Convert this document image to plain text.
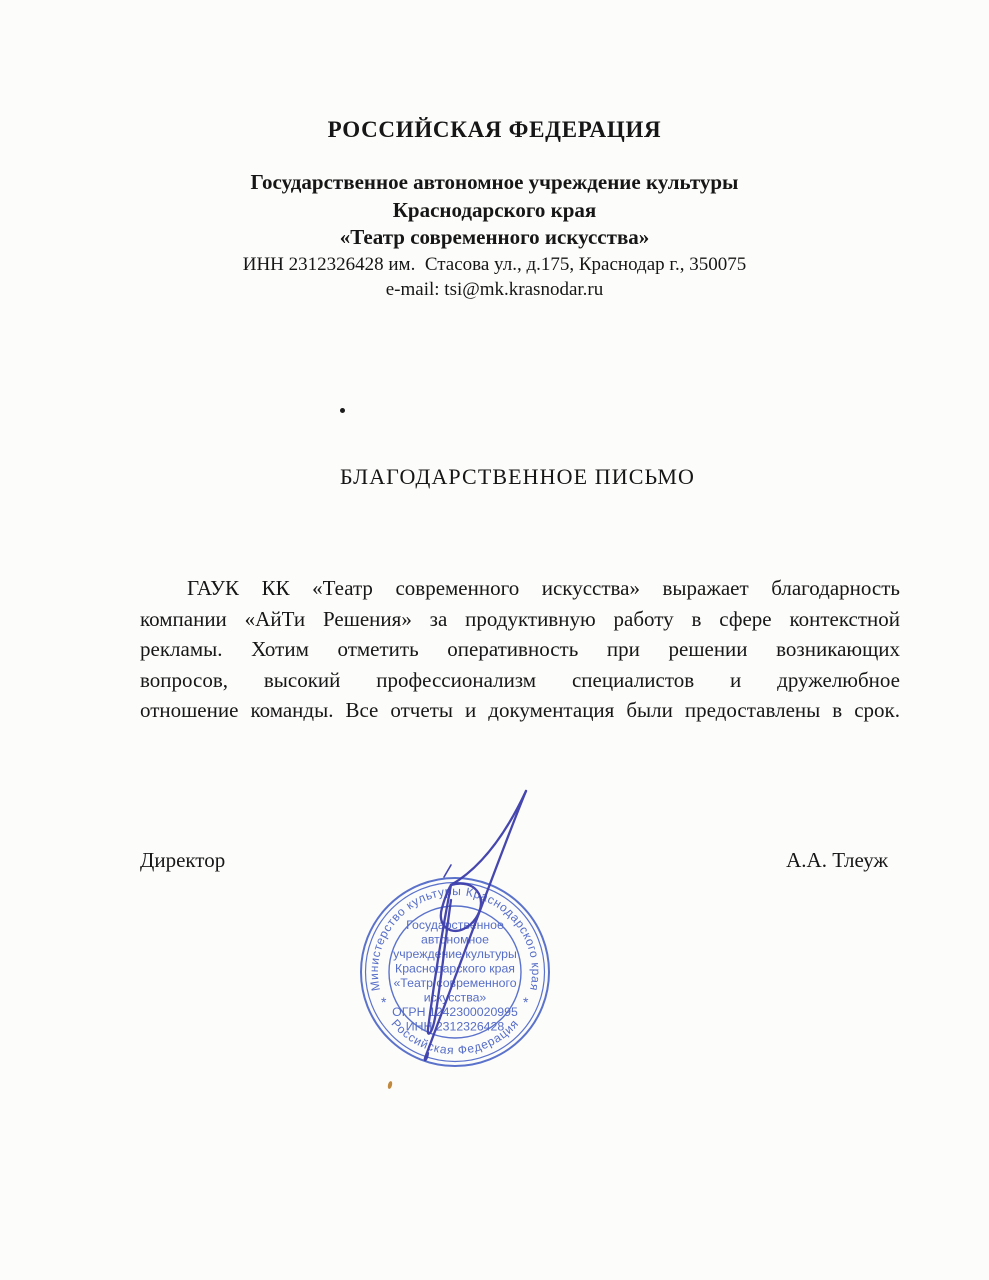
РОССИЙСКАЯ ФЕДЕРАЦИЯ
Государственное автономное учреждение культуры
Краснодарского края
«Театр современного искусства»
ИНН 2312326428 им.  Стасова ул., д.175, Краснодар г., 350075
e-mail: tsi@mk.krasnodar.ru
БЛАГОДАРСТВЕННОЕ ПИСЬМО
ГАУК КК «Театр современного искусства» выражает благодарность
компании «АйТи Решения» за продуктивную работу в сфере контекстной
рекламы. Хотим отметить оперативность при решении возникающих
вопросов, высокий профессионализм специалистов и дружелюбное
отношение команды. Все отчеты и документация были предоставлены в срок.
Директор	А.А. Тлеуж
Министерство культуры Краснодарского края
Российская Федерация
*	*
Государственное
автономное
учреждение культуры
Краснодарского края
«Театр современного
искусства»
ОГРН 1242300020995
ИНН 2312326428
